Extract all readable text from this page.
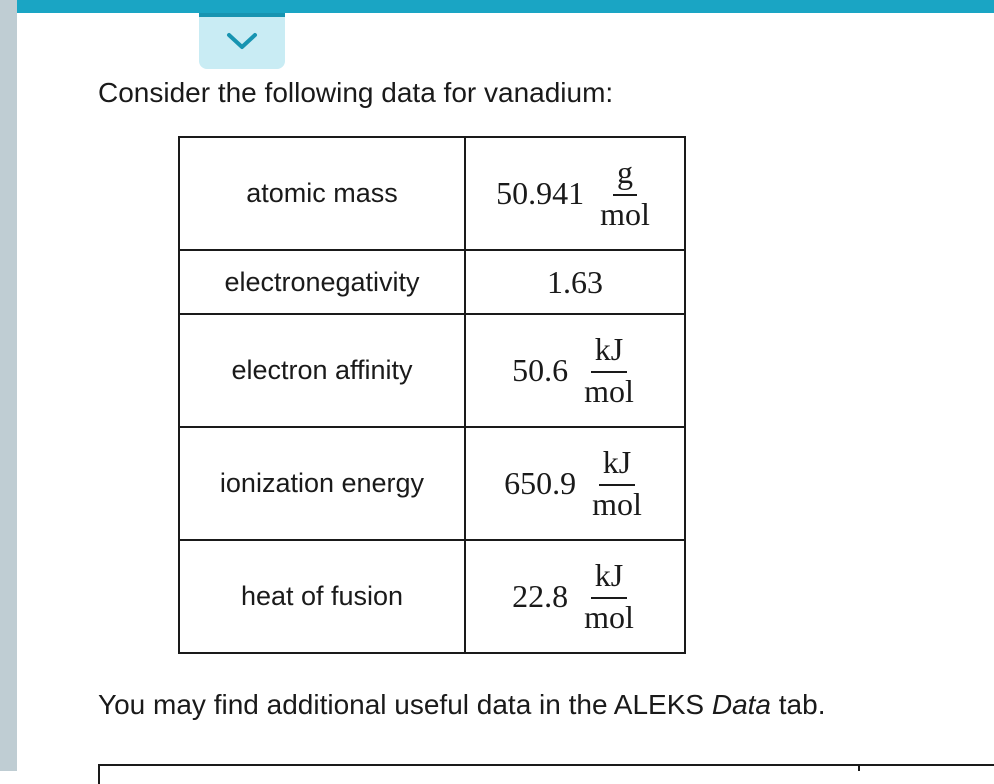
Consider the following data for vanadium:
atomic mass	$50.941 \frac{g}{\text{mol}}$

electronegativity	1.63
electron affinity	$50.6 \frac{kJ}{\text{mol}}$

ionization energy	$650.9 \frac{kJ}{\text{mol}}$

heat of fusion	$22.8 \frac{kJ}{\text{mol}}$
You may find additional useful data in the ALEKS Data tab.
